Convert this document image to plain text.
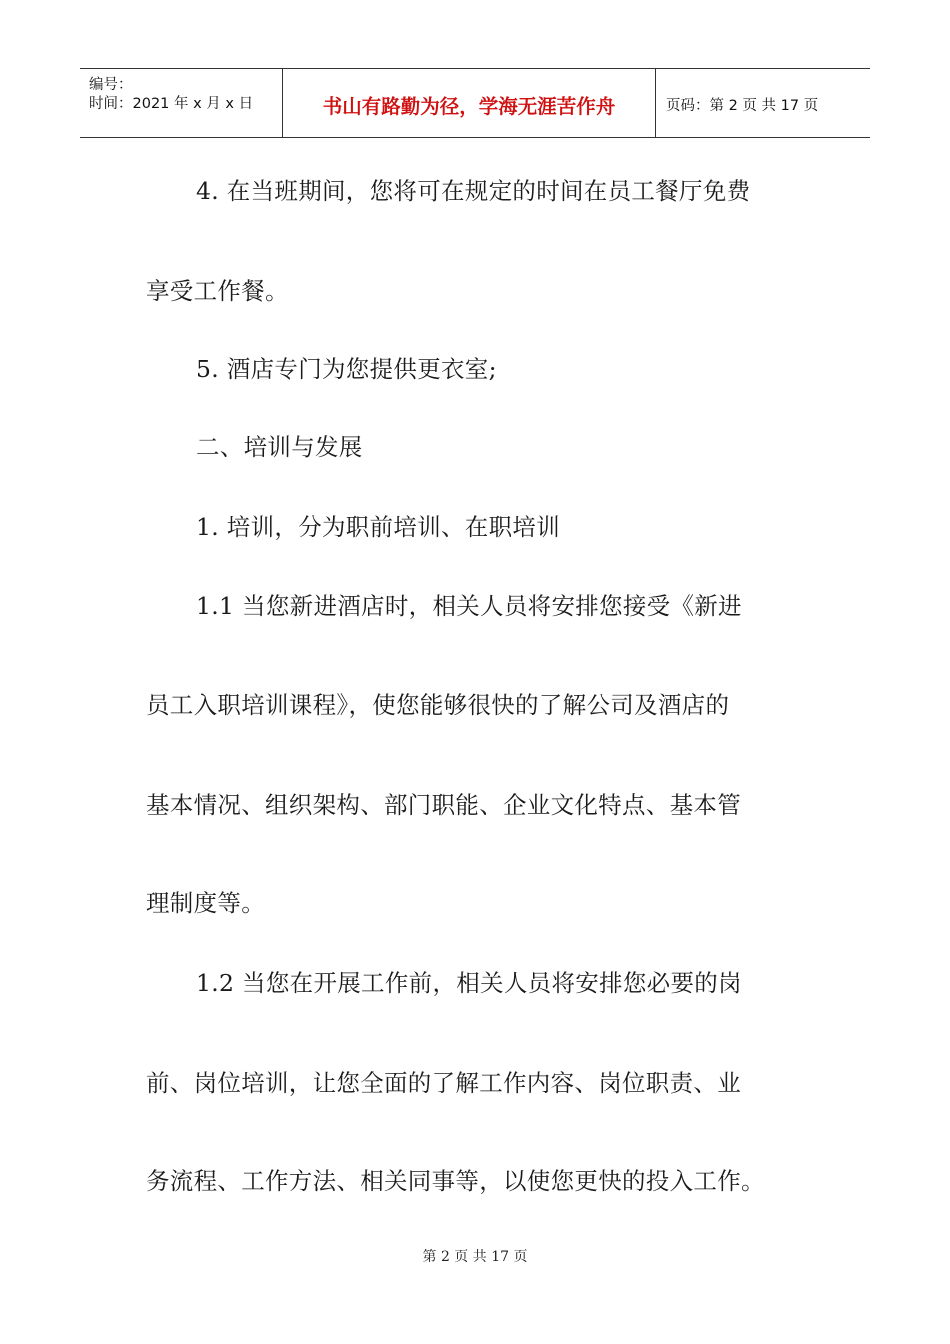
编号：
时间：2021 年 x 月 x 日	书山有路勤为径，学海无涯苦作舟	页码：第 2 页 共 17 页
4. 在当班期间，您将可在规定的时间在员工餐厅免费
享受工作餐。
5. 酒店专门为您提供更衣室;
二、培训与发展
1. 培训，分为职前培训、在职培训
1.1 当您新进酒店时，相关人员将安排您接受《新进
员工入职培训课程》，使您能够很快的了解公司及酒店的
基本情况、组织架构、部门职能、企业文化特点、基本管
理制度等。
1.2 当您在开展工作前，相关人员将安排您必要的岗
前、岗位培训，让您全面的了解工作内容、岗位职责、业
务流程、工作方法、相关同事等，以使您更快的投入工作。
第 2 页 共 17 页
